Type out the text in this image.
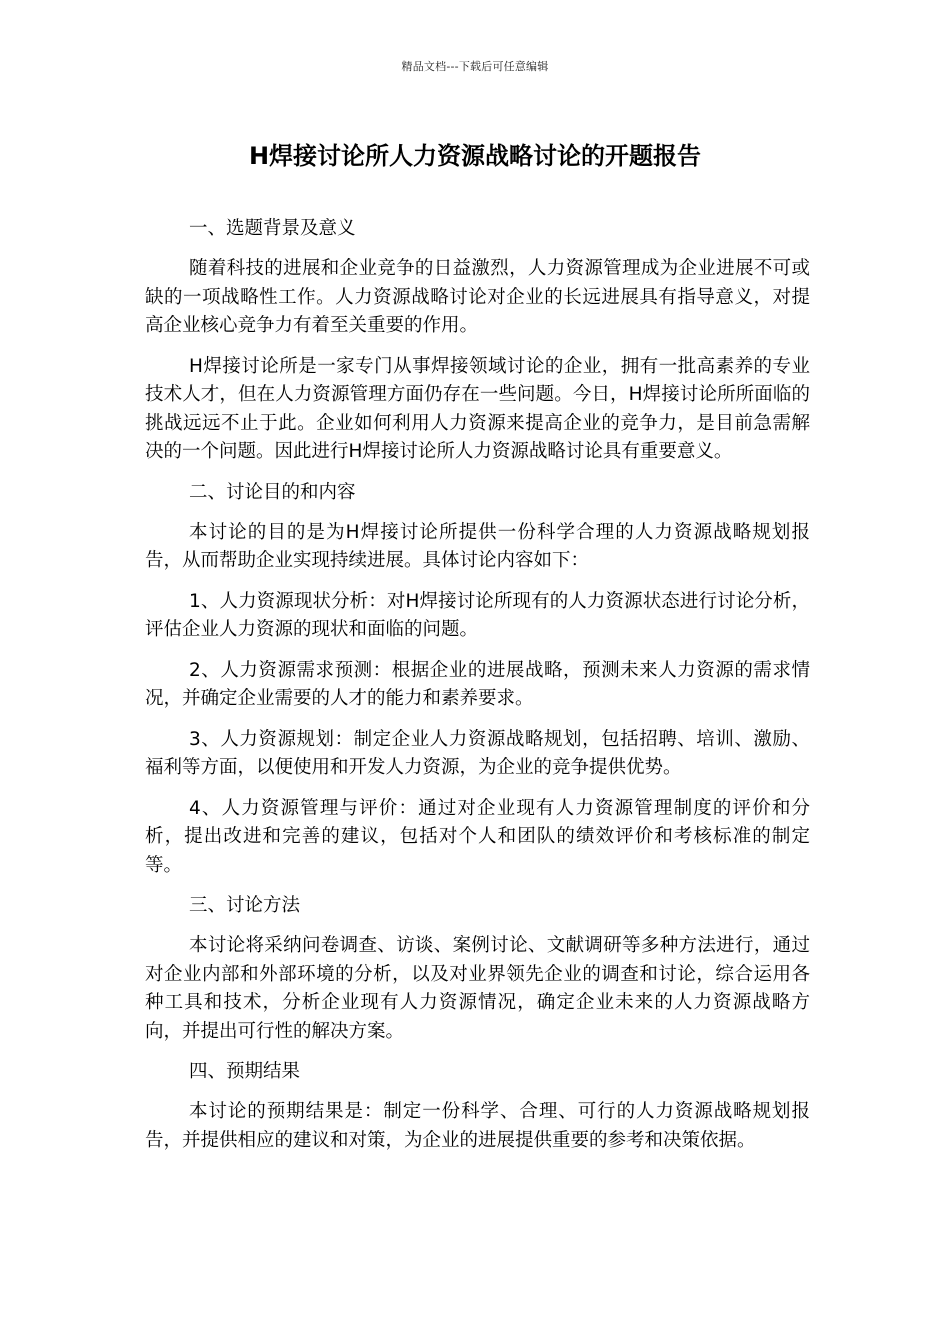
精品文档---下载后可任意编辑
H焊接讨论所人力资源战略讨论的开题报告

一、选题背景及意义

随着科技的进展和企业竞争的日益激烈，人力资源管理成为企业进展不可或缺的一项战略性工作。人力资源战略讨论对企业的长远进展具有指导意义，对提高企业核心竞争力有着至关重要的作用。

H焊接讨论所是一家专门从事焊接领域讨论的企业，拥有一批高素养的专业技术人才，但在人力资源管理方面仍存在一些问题。今日，H焊接讨论所所面临的挑战远远不止于此。企业如何利用人力资源来提高企业的竞争力，是目前急需解决的一个问题。因此进行H焊接讨论所人力资源战略讨论具有重要意义。

二、讨论目的和内容

本讨论的目的是为H焊接讨论所提供一份科学合理的人力资源战略规划报告，从而帮助企业实现持续进展。具体讨论内容如下：

1、人力资源现状分析：对H焊接讨论所现有的人力资源状态进行讨论分析，评估企业人力资源的现状和面临的问题。

2、人力资源需求预测：根据企业的进展战略，预测未来人力资源的需求情况，并确定企业需要的人才的能力和素养要求。

3、人力资源规划：制定企业人力资源战略规划，包括招聘、培训、激励、福利等方面，以便使用和开发人力资源，为企业的竞争提供优势。

4、人力资源管理与评价：通过对企业现有人力资源管理制度的评价和分析，提出改进和完善的建议，包括对个人和团队的绩效评价和考核标准的制定等。

三、讨论方法

本讨论将采纳问卷调查、访谈、案例讨论、文献调研等多种方法进行，通过对企业内部和外部环境的分析，以及对业界领先企业的调查和讨论，综合运用各种工具和技术，分析企业现有人力资源情况，确定企业未来的人力资源战略方向，并提出可行性的解决方案。

四、预期结果

本讨论的预期结果是：制定一份科学、合理、可行的人力资源战略规划报告，并提供相应的建议和对策，为企业的进展提供重要的参考和决策依据。
